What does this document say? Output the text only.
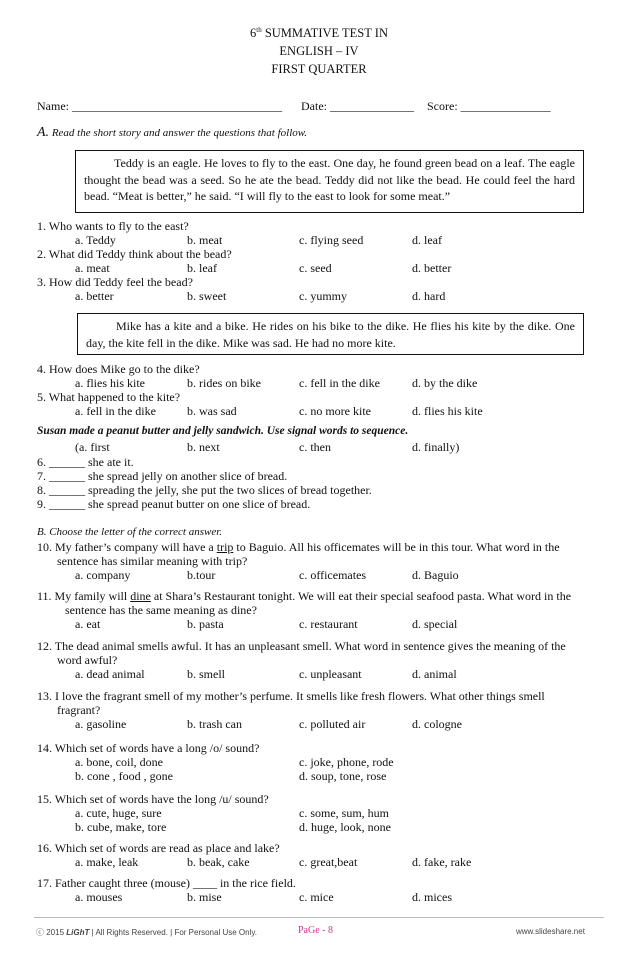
6th SUMMATIVE TEST IN
ENGLISH – IV
FIRST QUARTER
Name: ___________________________________ Date: ______________ Score: _______________
A. Read the short story and answer the questions that follow.
Teddy is an eagle. He loves to fly to the east. One day, he found green bead on a leaf. The eagle thought the bead was a seed. So he ate the bead. Teddy did not like the bead. He could feel the hard bead. “Meat is better,” he said. “I will fly to the east to look for some meat.”
1. Who wants to fly to the east?
a. Teddy	b. meat	c. flying seed	d. leaf
2. What did Teddy think about the bead?
a. meat	b. leaf	c. seed	d. better
3. How did Teddy feel the bead?
a. better	b. sweet	c. yummy	d. hard
Mike has a kite and a bike. He rides on his bike to the dike. He flies his kite by the dike. One day, the kite fell in the dike. Mike was sad. He had no more kite.
4. How does Mike go to the dike?
a. flies his kite	b. rides on bike	c. fell in the dike	d. by the dike
5. What happened to the kite?
a. fell in the dike	b. was sad	c. no more kite	d. flies his kite
Susan made a peanut butter and jelly sandwich. Use signal words to sequence.
(a. first	b. next	c. then	d. finally)
6. ______ she ate it.
7. ______ she spread jelly on another slice of bread.
8. ______ spreading the jelly, she put the two slices of bread together.
9. ______ she spread peanut butter on one slice of bread.
B. Choose the letter of the correct answer.
10. My father’s company will have a trip to Baguio. All his officemates will be in this tour. What word in the
sentence has similar meaning with trip?
a. company	b.tour	c. officemates	d. Baguio
11. My family will dine at Shara’s Restaurant tonight. We will eat their special seafood pasta. What word in the
sentence has the same meaning as dine?
a. eat	b. pasta	c. restaurant	d. special
12. The dead animal smells awful. It has an unpleasant smell. What word in sentence gives the meaning of the
word awful?
a. dead animal	b. smell	c. unpleasant	d. animal
13. I love the fragrant smell of my mother’s perfume. It smells like fresh flowers. What other things smell
fragrant?
a. gasoline	b. trash can	c. polluted air	d. cologne
14. Which set of words have a long /o/ sound?
a. bone, coil, done	c. joke, phone, rode
b. cone , food , gone	d. soup, tone, rose
15. Which set of words have the long /u/ sound?
a. cute, huge, sure	c. some, sum, hum
b. cube, make, tore	d. huge, look, none
16. Which set of words are read as place and lake?
a. make, leak	b. beak, cake	c. great,beat	d. fake, rake
17. Father caught three (mouse) ____ in the rice field.
a. mouses	b. mise	c. mice	d. mices
ⓒ 2015 LiGhT | All Rights Reserved. | For Personal Use Only.	PaGe - 8	www.slideshare.net
